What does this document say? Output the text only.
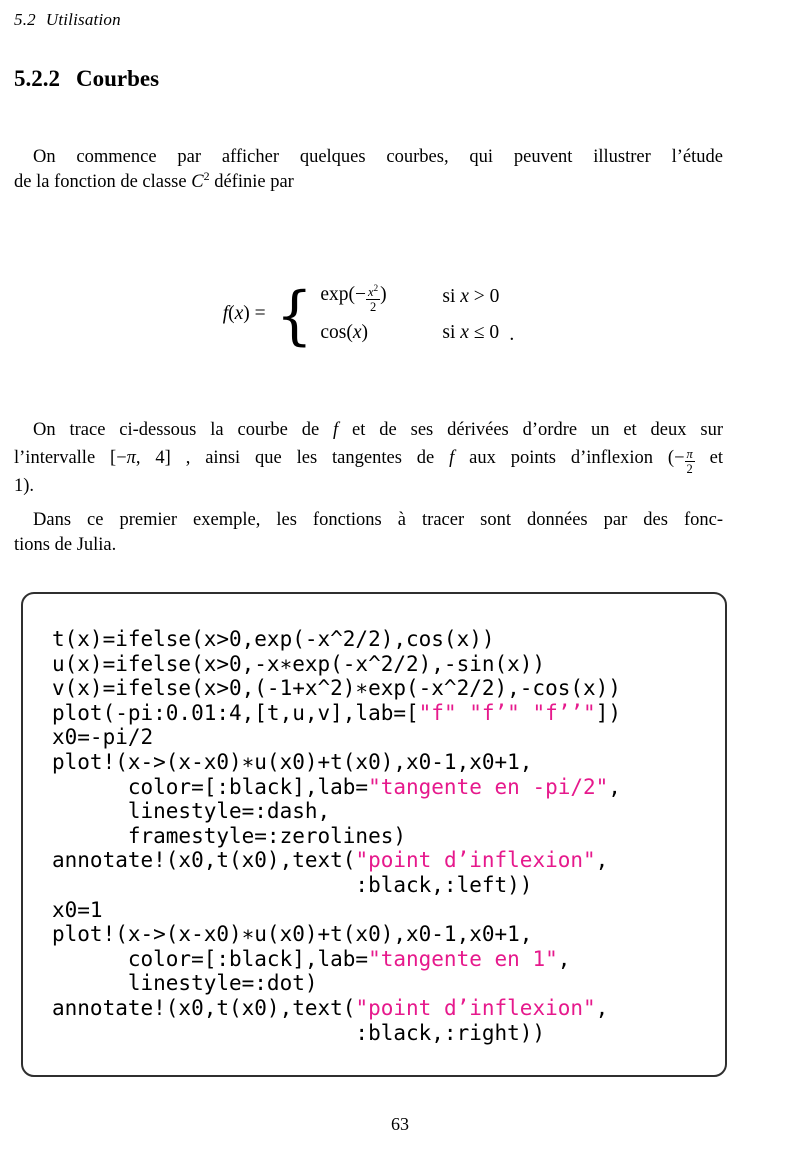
5.2 Utilisation
5.2.2 Courbes
On commence par afficher quelques courbes, qui peuvent illustrer l’étude
de la fonction de classe $C^2$ définie par
f(x) = { $\exp(- \frac{x^2}{2}$ )	si x > 0
cos(x)	si x ≤ 0 .
On trace ci-dessous la courbe de f et de ses dérivées d’ordre un et deux sur
l’intervalle [−π, 4] , ainsi que les tangentes de f aux points d’inflexion (− $\frac{\pi}{2}$ et
1).
Dans ce premier exemple, les fonctions à tracer sont données par des fonc-
tions de Julia.
t(x)=ifelse(x>0,exp(-x^2/2),cos(x))
u(x)=ifelse(x>0,-x∗exp(-x^2/2),-sin(x))
v(x)=ifelse(x>0,(-1+x^2)∗exp(-x^2/2),-cos(x))
plot(-pi:0.01:4,[t,u,v],lab=["f" "f’" "f’’"])
x0=-pi/2
plot!(x->(x-x0)∗u(x0)+t(x0),x0-1,x0+1,
color=[:black],lab="tangente en -pi/2",
linestyle=:dash,
framestyle=:zerolines)
annotate!(x0,t(x0),text("point d’inflexion",
:black,:left))
x0=1
plot!(x->(x-x0)∗u(x0)+t(x0),x0-1,x0+1,
color=[:black],lab="tangente en 1",
linestyle=:dot)
annotate!(x0,t(x0),text("point d’inflexion",
:black,:right))
63
